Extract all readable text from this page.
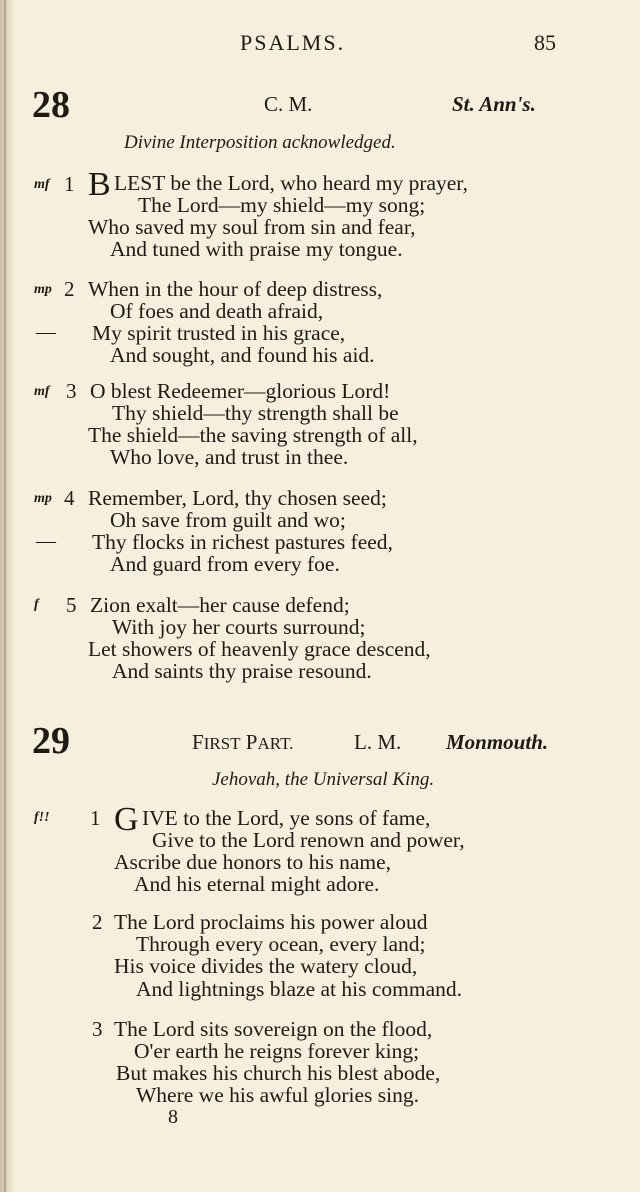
PSALMS.	85
28	C. M.	St. Ann's.
Divine Interposition acknowledged.
mf 1 B LEST be the Lord, who heard my prayer,
The Lord—my shield—my song;
Who saved my soul from sin and fear,
And tuned with praise my tongue.
mp 2 When in the hour of deep distress,
Of foes and death afraid,
— My spirit trusted in his grace,
And sought, and found his aid.
mf 3 O blest Redeemer—glorious Lord!
Thy shield—thy strength shall be
The shield—the saving strength of all,
Who love, and trust in thee.
mp 4 Remember, Lord, thy chosen seed;
Oh save from guilt and wo;
— Thy flocks in richest pastures feed,
And guard from every foe.
f 5 Zion exalt—her cause defend;
With joy her courts surround;
Let showers of heavenly grace descend,
And saints thy praise resound.
29	FIRST PART.	L. M. Monmouth.
Jehovah, the Universal King.
f!! 1 G IVE to the Lord, ye sons of fame,
Give to the Lord renown and power,
Ascribe due honors to his name,
And his eternal might adore.
2 The Lord proclaims his power aloud
Through every ocean, every land;
His voice divides the watery cloud,
And lightnings blaze at his command.
3 The Lord sits sovereign on the flood,
O'er earth he reigns forever king;
But makes his church his blest abode,
Where we his awful glories sing.
8
